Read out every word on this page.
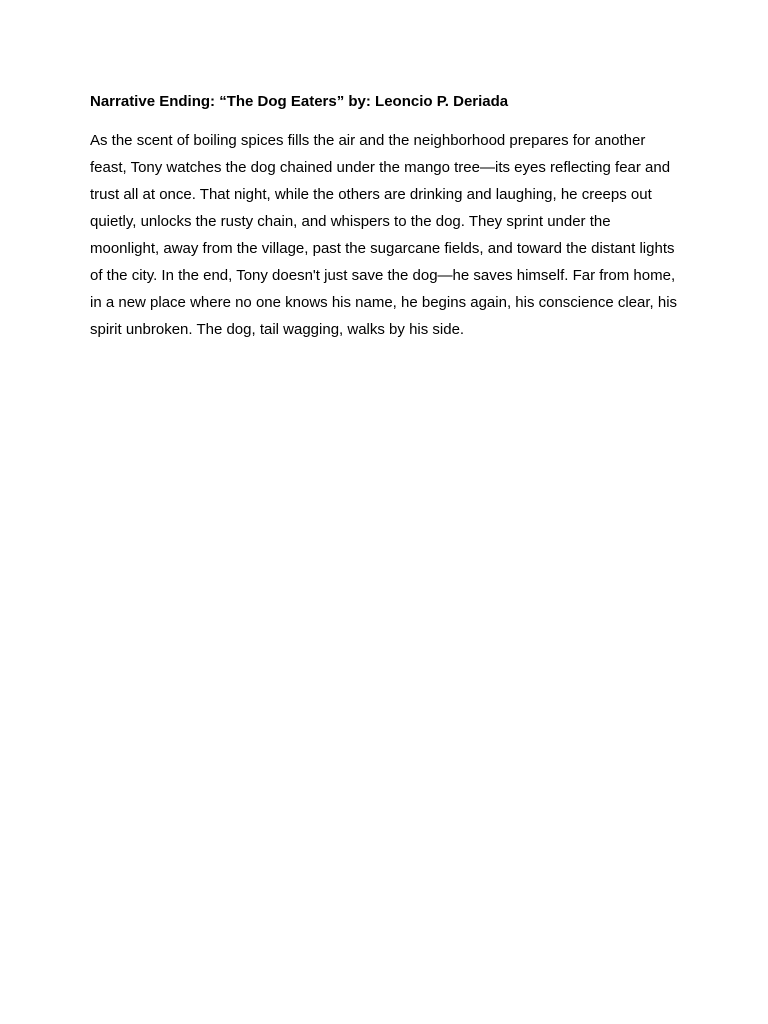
Narrative Ending: “The Dog Eaters” by: Leoncio P. Deriada

As the scent of boiling spices fills the air and the neighborhood prepares for another feast, Tony watches the dog chained under the mango tree—its eyes reflecting fear and trust all at once. That night, while the others are drinking and laughing, he creeps out quietly, unlocks the rusty chain, and whispers to the dog. They sprint under the moonlight, away from the village, past the sugarcane fields, and toward the distant lights of the city. In the end, Tony doesn't just save the dog—he saves himself. Far from home, in a new place where no one knows his name, he begins again, his conscience clear, his spirit unbroken. The dog, tail wagging, walks by his side.
